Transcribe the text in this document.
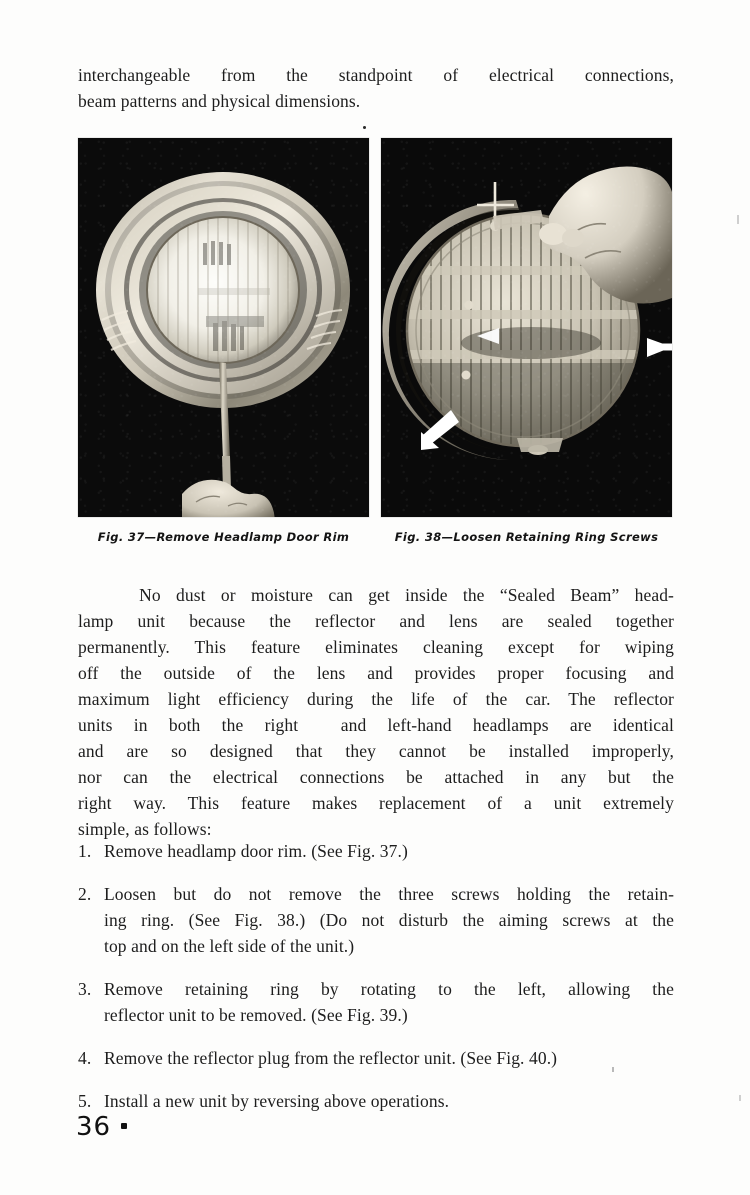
interchangeable from the standpoint of electrical connections,
beam patterns and physical dimensions.
Fig. 37—Remove Headlamp Door Rim	Fig. 38—Loosen Retaining Ring Screws
No dust or moisture can get inside the “Sealed Beam” head-
lamp unit because the reflector and lens are sealed together
permanently. This feature eliminates cleaning except for wiping
off the outside of the lens and provides proper focusing and
maximum light efficiency during the life of the car. The reflector
units in both the right  and left-hand headlamps are identical
and are so designed that they cannot be installed improperly,
nor can the electrical connections be attached in any but the
right way. This feature makes replacement of a unit extremely
simple, as follows:
1. Remove headlamp door rim. (See Fig. 37.)
2. Loosen but do not remove the three screws holding the retain-
ing ring. (See Fig. 38.) (Do not disturb the aiming screws at the
top and on the left side of the unit.)
3. Remove retaining ring by rotating to the left, allowing the
reflector unit to be removed. (See Fig. 39.)
4. Remove the reflector plug from the reflector unit. (See Fig. 40.)
5. Install a new unit by reversing above operations.
36
